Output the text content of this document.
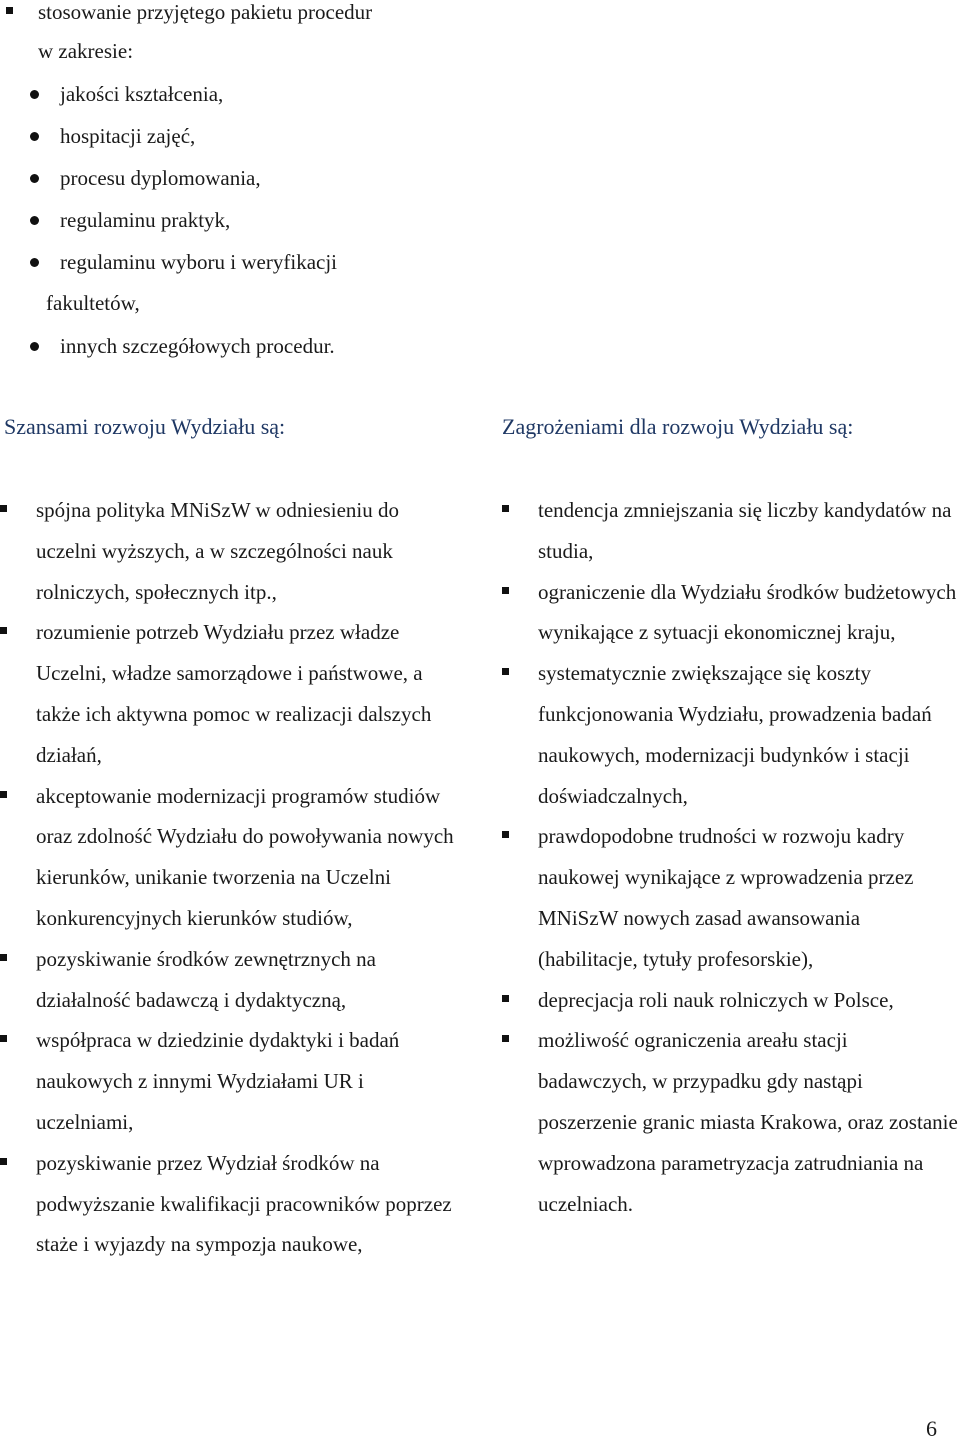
stosowanie przyjętego pakietu procedur
w zakresie:
jakości kształcenia,
hospitacji zajęć,
procesu dyplomowania,
regulaminu praktyk,
regulaminu wyboru i weryfikacji
fakultetów,
innych szczegółowych procedur.
Szansami rozwoju Wydziału są:	Zagrożeniami dla rozwoju Wydziału są:
spójna polityka MNiSzW w odniesieniu do uczelni wyższych, a w szczególności nauk rolniczych, społecznych itp.,
rozumienie potrzeb Wydziału przez władze Uczelni, władze samorządowe i państwowe, a także ich aktywna pomoc w realizacji dalszych działań,
akceptowanie modernizacji programów studiów oraz zdolność Wydziału do powoływania nowych kierunków, unikanie tworzenia na Uczelni konkurencyjnych kierunków studiów,
pozyskiwanie środków zewnętrznych na działalność badawczą i dydaktyczną,
współpraca w dziedzinie dydaktyki i badań naukowych z innymi Wydziałami UR i uczelniami,
pozyskiwanie przez Wydział środków na podwyższanie kwalifikacji pracowników poprzez staże i wyjazdy na sympozja naukowe,
tendencja zmniejszania się liczby kandydatów na studia,
ograniczenie dla Wydziału środków budżetowych wynikające z sytuacji ekonomicznej kraju,
systematycznie zwiększające się koszty funkcjonowania Wydziału, prowadzenia badań naukowych, modernizacji budynków i stacji doświadczalnych,
prawdopodobne trudności w rozwoju kadry naukowej wynikające z wprowadzenia przez MNiSzW nowych zasad awansowania (habilitacje, tytuły profesorskie),
deprecjacja roli nauk rolniczych w Polsce,
możliwość ograniczenia areału stacji badawczych, w przypadku gdy nastąpi poszerzenie granic miasta Krakowa, oraz zostanie wprowadzona parametryzacja zatrudniania na uczelniach.
6
